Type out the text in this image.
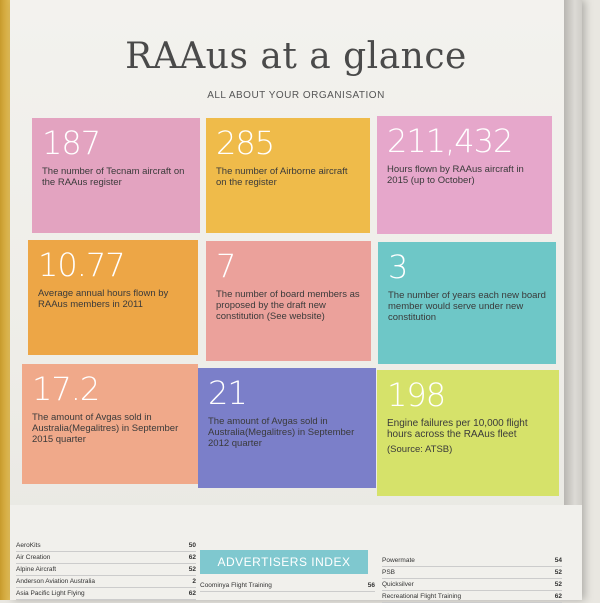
RAAus at a glance
ALL ABOUT YOUR ORGANISATION
187
The number of Tecnam aircraft on the RAAus register
285
The number of Airborne aircraft on the register
211,432
Hours flown by RAAus aircraft in 2015 (up to October)
10.77
Average annual hours flown by RAAus members in 2011
7
The number of board members as proposed by the draft new constitution (See website)
3
The number of years each new board member would serve under new constitution
17.2
The amount of Avgas sold in Australia(Megalitres) in September 2015 quarter
21
The amount of Avgas sold in Australia(Megalitres) in September 2012 quarter
198
Engine failures per 10,000 flight hours across the RAAus fleet
(Source: ATSB)
AeroKits	50
Air Creation	62
Alpine Aircraft	52
Anderson Aviation Australia	2
Asia Pacific Light Flying	62
ADVERTISERS INDEX
Coominya Flight Training	56
Powermate	54
PSB	52
Quicksilver	52
Recreational Flight Training	62
